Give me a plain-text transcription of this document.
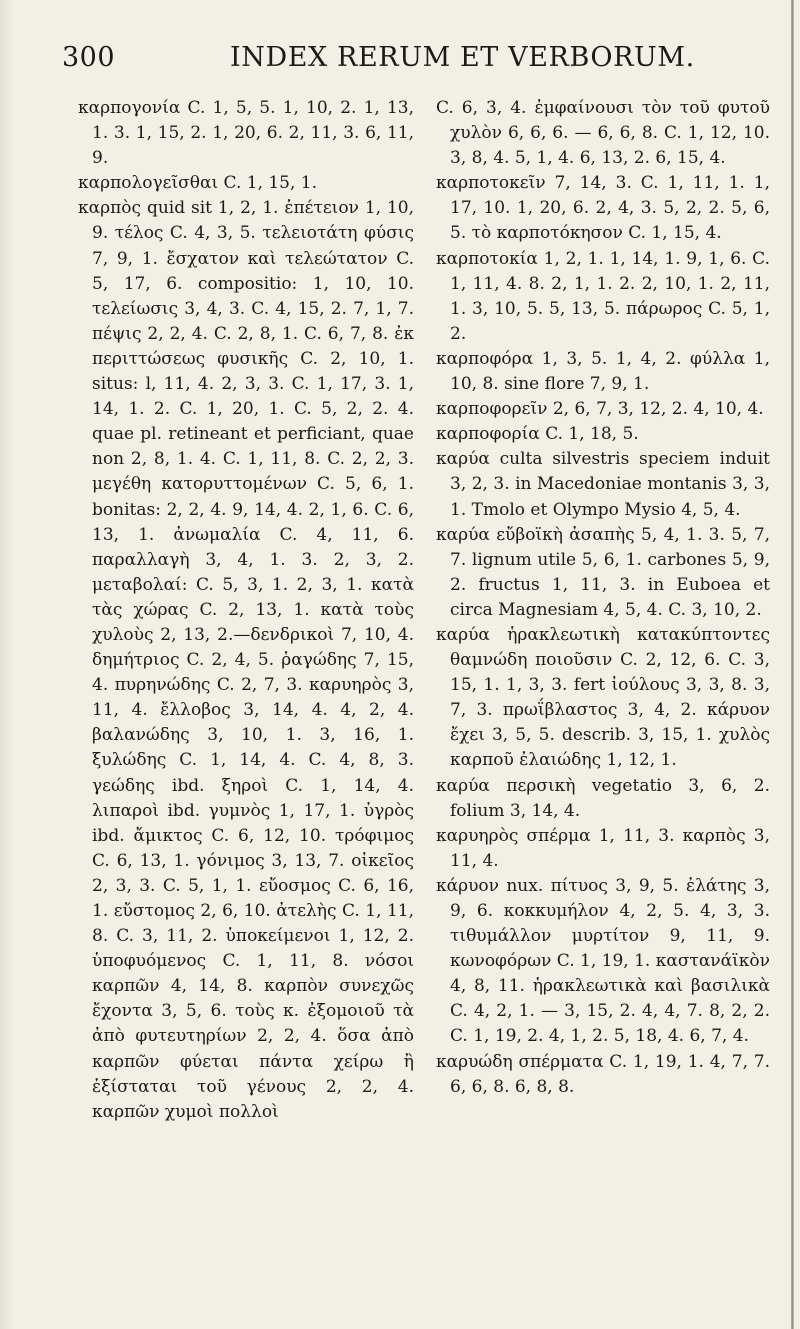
300	INDEX RERUM ET VERBORUM.

καρπογονία C. 1, 5, 5. 1, 10, 2. 1, 13, 1. 3. 1, 15, 2. 1, 20, 6. 2, 11, 3. 6, 11, 9.

καρπολογεῖσθαι C. 1, 15, 1.

καρπὸς quid sit 1, 2, 1. ἐπέτειον 1, 10, 9. τέλος C. 4, 3, 5. τελειοτάτη φύσις 7, 9, 1. ἔσχατον καὶ τελεώτατον C. 5, 17, 6. compositio: 1, 10, 10. τελείωσις 3, 4, 3. C. 4, 15, 2. 7, 1, 7. πέψις 2, 2, 4. C. 2, 8, 1. C. 6, 7, 8. ἐκ περιττώσεως φυσικῆς C. 2, 10, 1. situs: l, 11, 4. 2, 3, 3. C. 1, 17, 3. 1, 14, 1. 2. C. 1, 20, 1. C. 5, 2, 2. 4. quae pl. retineant et perficiant, quae non 2, 8, 1. 4. C. 1, 11, 8. C. 2, 2, 3. μεγέθη κατορυττομένων C. 5, 6, 1. bonitas: 2, 2, 4. 9, 14, 4. 2, 1, 6. C. 6, 13, 1. ἀνωμαλία C. 4, 11, 6. παραλλαγὴ 3, 4, 1. 3. 2, 3, 2. μεταβολαί: C. 5, 3, 1. 2, 3, 1. κατὰ τὰς χώρας C. 2, 13, 1. κατὰ τοὺς χυλοὺς 2, 13, 2.—δενδρικοὶ 7, 10, 4. δημήτριος C. 2, 4, 5. ῥαγώδης 7, 15, 4. πυρηνώδης C. 2, 7, 3. καρυηρὸς 3, 11, 4. ἔλλοβος 3, 14, 4. 4, 2, 4. βαλανώδης 3, 10, 1. 3, 16, 1. ξυλώδης C. 1, 14, 4. C. 4, 8, 3. γεώδης ibd. ξηροὶ C. 1, 14, 4. λιπαροὶ ibd. γυμνὸς 1, 17, 1. ὑγρὸς ibd. ἄμικτος C. 6, 12, 10. τρόφιμος C. 6, 13, 1. γόνιμος 3, 13, 7. οἰκεῖος 2, 3, 3. C. 5, 1, 1. εὔοσμος C. 6, 16, 1. εὔστομος 2, 6, 10. ἀτελὴς C. 1, 11, 8. C. 3, 11, 2. ὑποκείμενοι 1, 12, 2. ὑποφυόμενος C. 1, 11, 8. νόσοι καρπῶν 4, 14, 8. καρπὸν συνεχῶς ἔχοντα 3, 5, 6. τοὺς κ. ἐξομοιοῦ τὰ ἀπὸ φυτευτηρίων 2, 2, 4. ὅσα ἀπὸ καρπῶν φύεται πάντα χείρω ἢ ἐξίσταται τοῦ γένους 2, 2, 4. καρπῶν χυμοὶ πολλοὶ

C. 6, 3, 4. ἐμφαίνουσι τὸν τοῦ φυτοῦ χυλὸν 6, 6, 6. — 6, 6, 8. C. 1, 12, 10. 3, 8, 4. 5, 1, 4. 6, 13, 2. 6, 15, 4.

καρποτοκεῖν 7, 14, 3. C. 1, 11, 1. 1, 17, 10. 1, 20, 6. 2, 4, 3. 5, 2, 2. 5, 6, 5. τὸ καρποτόκησον C. 1, 15, 4.

καρποτοκία 1, 2, 1. 1, 14, 1. 9, 1, 6. C. 1, 11, 4. 8. 2, 1, 1. 2. 2, 10, 1. 2, 11, 1. 3, 10, 5. 5, 13, 5. πάρωρος C. 5, 1, 2.

καρποφόρα 1, 3, 5. 1, 4, 2. φύλλα 1, 10, 8. sine flore 7, 9, 1.

καρποφορεῖν 2, 6, 7, 3, 12, 2. 4, 10, 4.

καρποφορία C. 1, 18, 5.

καρύα culta silvestris speciem induit 3, 2, 3. in Macedoniae montanis 3, 3, 1. Tmolo et Olympo Mysio 4, 5, 4.

καρύα εὔβοϊκὴ ἀσαπὴς 5, 4, 1. 3. 5, 7, 7. lignum utile 5, 6, 1. carbones 5, 9, 2. fructus 1, 11, 3. in Euboea et circa Magnesiam 4, 5, 4. C. 3, 10, 2.

καρύα ἡρακλεωτικὴ κατακύπτοντες θαμνώδη ποιοῦσιν C. 2, 12, 6. C. 3, 15, 1. 1, 3, 3. fert ἰούλους 3, 3, 8. 3, 7, 3. πρωΐβλαστος 3, 4, 2. κάρυον ἔχει 3, 5, 5. describ. 3, 15, 1. χυλὸς καρποῦ ἐλαιώδης 1, 12, 1.

καρύα περσικὴ vegetatio 3, 6, 2. folium 3, 14, 4.

καρυηρὸς σπέρμα 1, 11, 3. καρπὸς 3, 11, 4.

κάρυον nux. πίτυος 3, 9, 5. ἐλάτης 3, 9, 6. κοκκυμήλον 4, 2, 5. 4, 3, 3. τιθυμάλλον μυρτίτον 9, 11, 9. κωνοφόρων C. 1, 19, 1. καστανάϊκὸν 4, 8, 11. ἡρακλεωτικὰ καὶ βασιλικὰ C. 4, 2, 1. — 3, 15, 2. 4, 4, 7. 8, 2, 2. C. 1, 19, 2. 4, 1, 2. 5, 18, 4. 6, 7, 4.

καρυώδη σπέρματα C. 1, 19, 1. 4, 7, 7. 6, 6, 8. 6, 8, 8.
